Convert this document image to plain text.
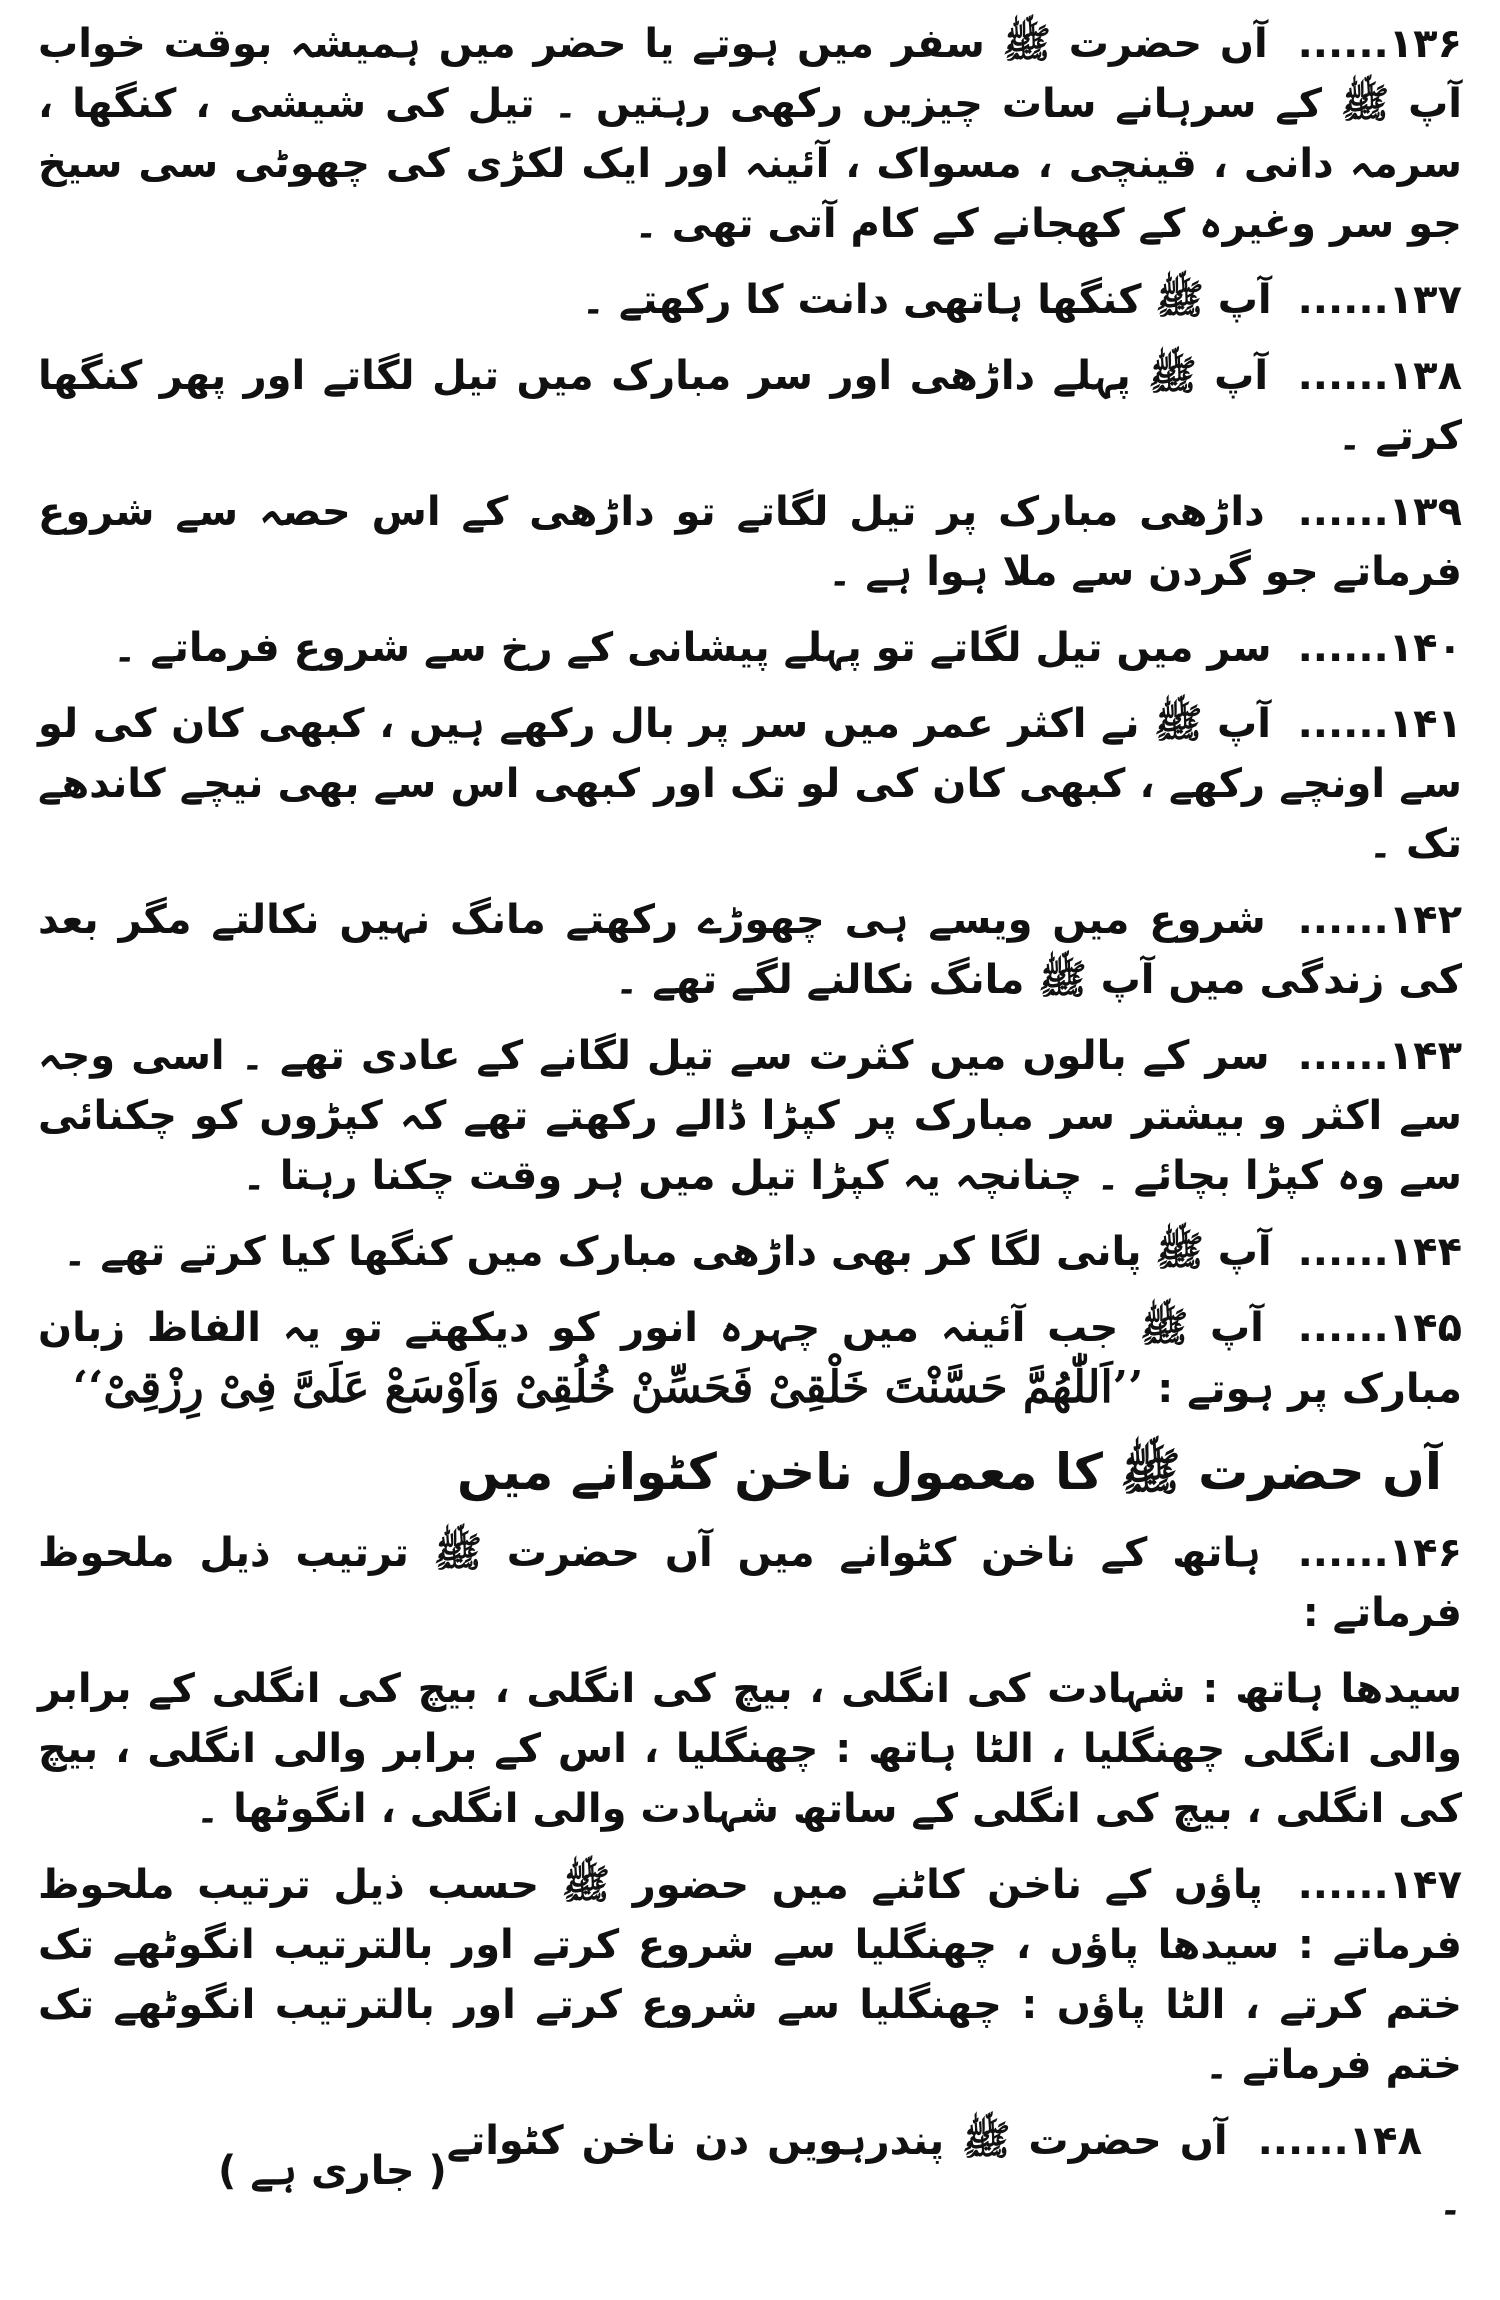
۱۳۶...... آں حضرت ﷺ سفر میں ہوتے یا حضر میں ہمیشہ بوقت خواب آپ ﷺ کے سرہانے سات چیزیں رکھی رہتیں ۔ تیل کی شیشی ، کنگھا ، سرمہ دانی ، قینچی ، مسواک ، آئینہ اور ایک لکڑی کی چھوٹی سی سیخ جو سر وغیرہ کے کھجانے کے کام آتی تھی ۔

۱۳۷...... آپ ﷺ کنگھا ہاتھی دانت کا رکھتے ۔

۱۳۸...... آپ ﷺ پہلے داڑھی اور سر مبارک میں تیل لگاتے اور پھر کنگھا کرتے ۔

۱۳۹...... داڑھی مبارک پر تیل لگاتے تو داڑھی کے اس حصہ سے شروع فرماتے جو گردن سے ملا ہوا ہے ۔

۱۴۰...... سر میں تیل لگاتے تو پہلے پیشانی کے رخ سے شروع فرماتے ۔

۱۴۱...... آپ ﷺ نے اکثر عمر میں سر پر بال رکھے ہیں ، کبھی کان کی لو سے اونچے رکھے ، کبھی کان کی لو تک اور کبھی اس سے بھی نیچے کاندھے تک ۔

۱۴۲...... شروع میں ویسے ہی چھوڑے رکھتے مانگ نہیں نکالتے مگر بعد کی زندگی میں آپ ﷺ مانگ نکالنے لگے تھے ۔

۱۴۳...... سر کے بالوں میں کثرت سے تیل لگانے کے عادی تھے ۔ اسی وجہ سے اکثر و بیشتر سر مبارک پر کپڑا ڈالے رکھتے تھے کہ کپڑوں کو چکنائی سے وہ کپڑا بچائے ۔ چنانچہ یہ کپڑا تیل میں ہر وقت چکنا رہتا ۔

۱۴۴...... آپ ﷺ پانی لگا کر بھی داڑھی مبارک میں کنگھا کیا کرتے تھے ۔

۱۴۵...... آپ ﷺ جب آئینہ میں چہرہ انور کو دیکھتے تو یہ الفاظ زبان مبارک پر ہوتے : ’’اَللّٰھُمَّ حَسَّنْتَ خَلْقِیْ فَحَسِّنْ خُلُقِیْ وَاَوْسَعْ عَلَیَّ فِیْ رِزْقِیْ‘‘

آں حضرت ﷺ کا معمول ناخن کٹوانے میں

۱۴۶...... ہاتھ کے ناخن کٹوانے میں آں حضرت ﷺ ترتیب ذیل ملحوظ فرماتے :

سیدھا ہاتھ : شہادت کی انگلی ، بیچ کی انگلی ، بیچ کی انگلی کے برابر والی انگلی چھنگلیا ، الٹا ہاتھ : چھنگلیا ، اس کے برابر والی انگلی ، بیچ کی انگلی ، بیچ کی انگلی کے ساتھ شہادت والی انگلی ، انگوٹھا ۔

۱۴۷...... پاؤں کے ناخن کاٹنے میں حضور ﷺ حسب ذیل ترتیب ملحوظ فرماتے : سیدھا پاؤں ، چھنگلیا سے شروع کرتے اور بالترتیب انگوٹھے تک ختم کرتے ، الٹا پاؤں : چھنگلیا سے شروع کرتے اور بالترتیب انگوٹھے تک ختم فرماتے ۔

۱۴۸...... آں حضرت ﷺ پندرہویں دن ناخن کٹواتے ۔

( جاری ہے )
